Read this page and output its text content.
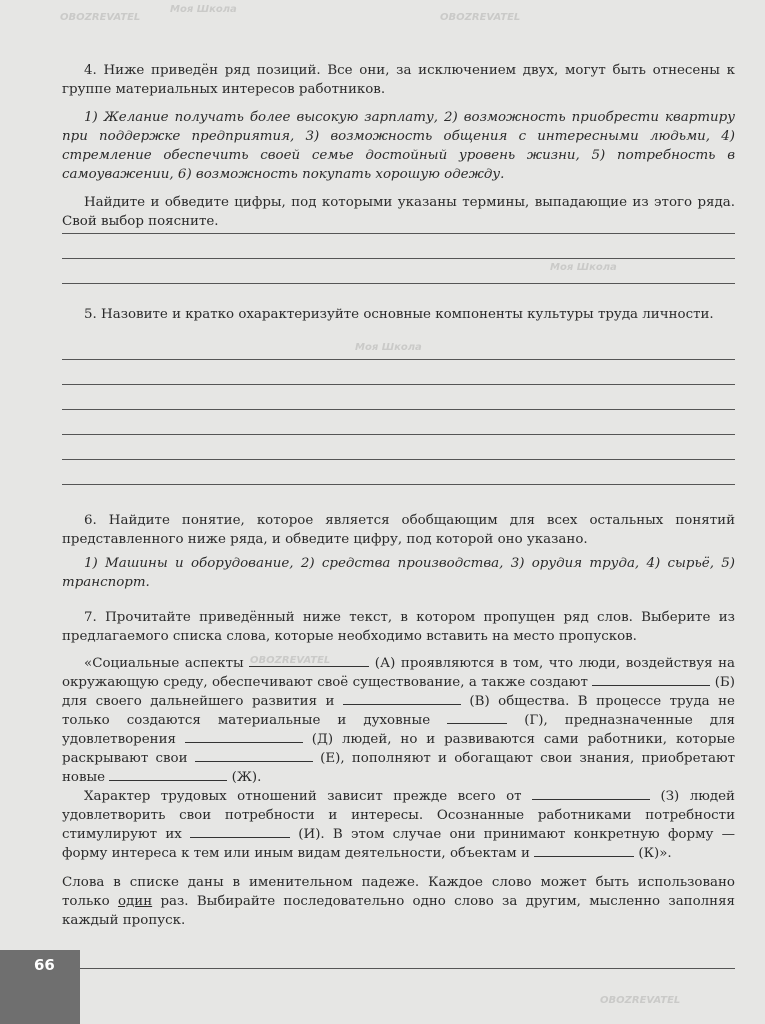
Моя Школа
OBOZREVATEL	OBOZREVATEL
Моя Школа
Моя Школа
OBOZREVATEL
OBOZREVATEL

4. Ниже приведён ряд позиций. Все они, за исключением двух, могут быть отнесены к группе материальных интересов работников.

1) Желание получать более высокую зарплату, 2) возможность приобрести квартиру при поддержке предприятия, 3) возможность общения с интересными людьми, 4) стремление обеспечить своей семье достойный уровень жизни, 5) потребность в самоуважении, 6) возможность покупать хорошую одежду.

Найдите и обведите цифры, под которыми указаны термины, выпадающие из этого ряда. Свой выбор поясните.

5. Назовите и кратко охарактеризуйте основные компоненты культуры труда личности.

6. Найдите понятие, которое является обобщающим для всех остальных понятий представленного ниже ряда, и обведите цифру, под которой оно указано.

1) Машины и оборудование, 2) средства производства, 3) орудия труда, 4) сырьё, 5) транспорт.

7. Прочитайте приведённый ниже текст, в котором пропущен ряд слов. Выберите из предлагаемого списка слова, которые необходимо вставить на место пропусков.

«Социальные аспекты	(А) проявляются в том, что люди, воздействуя на окружающую среду, обеспечивают своё существование, а также создают	(Б) для своего дальнейшего развития и	(В) общества. В процессе труда не только создаются материальные и духовные	(Г), предназначенные для удовлетворения	(Д) людей, но и развиваются сами работники, которые раскрывают свои	(Е), пополняют и обогащают свои знания, приобретают новые	(Ж).

Характер трудовых отношений зависит прежде всего от	(З) людей удовлетворить свои потребности и интересы. Осознанные работниками потребности стимулируют их	(И). В этом случае они принимают конкретную форму — форму интереса к тем или иным видам деятельности, объектам и	(К)».

Слова в списке даны в именительном падеже. Каждое слово может быть использовано только один раз. Выбирайте последовательно одно слово за другим, мысленно заполняя каждый пропуск.

66
